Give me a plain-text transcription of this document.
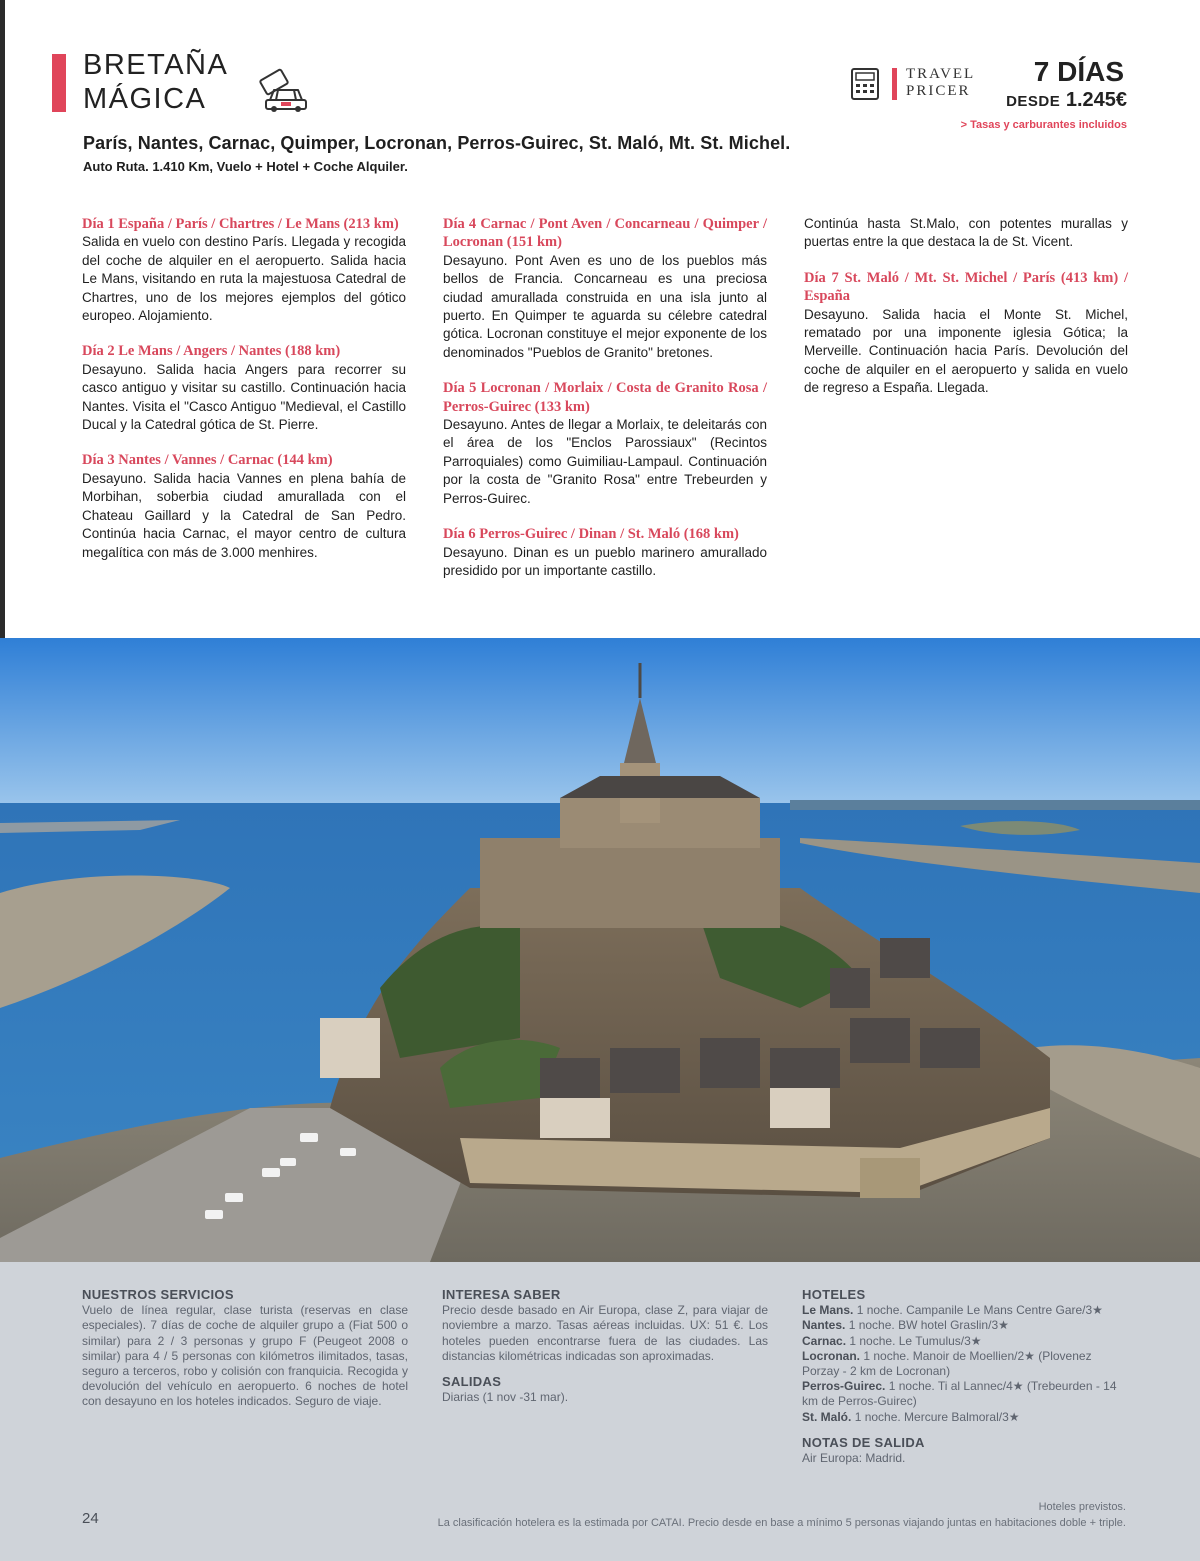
BRETAÑA
MÁGICA
TRAVEL
PRICER
7 DÍAS
DESDE 1.245€
> Tasas y carburantes incluidos
París, Nantes, Carnac, Quimper, Locronan, Perros-Guirec, St. Maló, Mt. St. Michel.
Auto Ruta. 1.410 Km, Vuelo + Hotel + Coche Alquiler.
Día 1 España / París / Chartres / Le Mans (213 km)
Salida en vuelo con destino París. Llegada y recogida del coche de alquiler en el aeropuerto. Salida hacia Le Mans, visitando en ruta la majestuosa Catedral de Chartres, uno de los mejores ejemplos del gótico europeo. Alojamiento.
Día 2 Le Mans / Angers / Nantes (188 km)
Desayuno. Salida hacia Angers para recorrer su casco antiguo y visitar su castillo. Continuación hacia Nantes. Visita el "Casco Antiguo "Medieval, el Castillo Ducal y la Catedral gótica de St. Pierre.
Día 3 Nantes / Vannes / Carnac (144 km)
Desayuno. Salida hacia Vannes en plena bahía de Morbihan, soberbia ciudad amurallada con el Chateau Gaillard y la Catedral de San Pedro. Continúa hacia Carnac, el mayor centro de cultura megalítica con más de 3.000 menhires.
Día 4 Carnac / Pont Aven / Concarneau / Quimper / Locronan (151 km)
Desayuno. Pont Aven es uno de los pueblos más bellos de Francia. Concarneau es una preciosa ciudad amurallada construida en una isla junto al puerto. En Quimper te aguarda su célebre catedral gótica. Locronan constituye el mejor exponente de los denominados "Pueblos de Granito" bretones.
Día 5 Locronan / Morlaix / Costa de Granito Rosa / Perros-Guirec (133 km)
Desayuno. Antes de llegar a Morlaix, te deleitarás con el área de los "Enclos Parossiaux" (Recintos Parroquiales) como Guimiliau-Lampaul. Continuación por la costa de "Granito Rosa" entre Trebeurden y Perros-Guirec.
Día 6 Perros-Guirec / Dinan / St. Maló (168 km)
Desayuno. Dinan es un pueblo marinero amurallado presidido por un importante castillo.
Continúa hasta St.Malo, con potentes murallas y puertas entre la que destaca la de St. Vicent.
Día 7 St. Maló / Mt. St. Michel / París (413 km) / España
Desayuno. Salida hacia el Monte St. Michel, rematado por una imponente iglesia Gótica; la Merveille. Continuación hacia París. Devolución del coche de alquiler en el aeropuerto y salida en vuelo de regreso a España. Llegada.
NUESTROS SERVICIOS
Vuelo de línea regular, clase turista (reservas en clase especiales). 7 días de coche de alquiler grupo a (Fiat 500 o similar) para 2 / 3 personas y grupo F (Peugeot 2008 o similar) para 4 / 5 personas con kilómetros ilimitados, tasas, seguro a terceros, robo y colisión con franquicia. Recogida y devolución del vehículo en aeropuerto. 6 noches de hotel con desayuno en los hoteles indicados. Seguro de viaje.
INTERESA SABER
Precio desde basado en Air Europa, clase Z, para viajar de noviembre a marzo. Tasas aéreas incluidas. UX: 51 €. Los hoteles pueden encontrarse fuera de las ciudades. Las distancias kilométricas indicadas son aproximadas.
SALIDAS
Diarias (1 nov -31 mar).
HOTELES
Le Mans. 1 noche. Campanile Le Mans Centre Gare/3★
Nantes. 1 noche. BW hotel Graslin/3★
Carnac. 1 noche. Le Tumulus/3★
Locronan. 1 noche. Manoir de Moellien/2★ (Plovenez Porzay - 2 km de Locronan)
Perros-Guirec. 1 noche. Ti al Lannec/4★ (Trebeurden - 14 km de Perros-Guirec)
St. Maló. 1 noche. Mercure Balmoral/3★
NOTAS DE SALIDA
Air Europa: Madrid.
24
Hoteles previstos.
La clasificación hotelera es la estimada por CATAI. Precio desde en base a mínimo 5 personas viajando juntas en habitaciones doble + triple.
